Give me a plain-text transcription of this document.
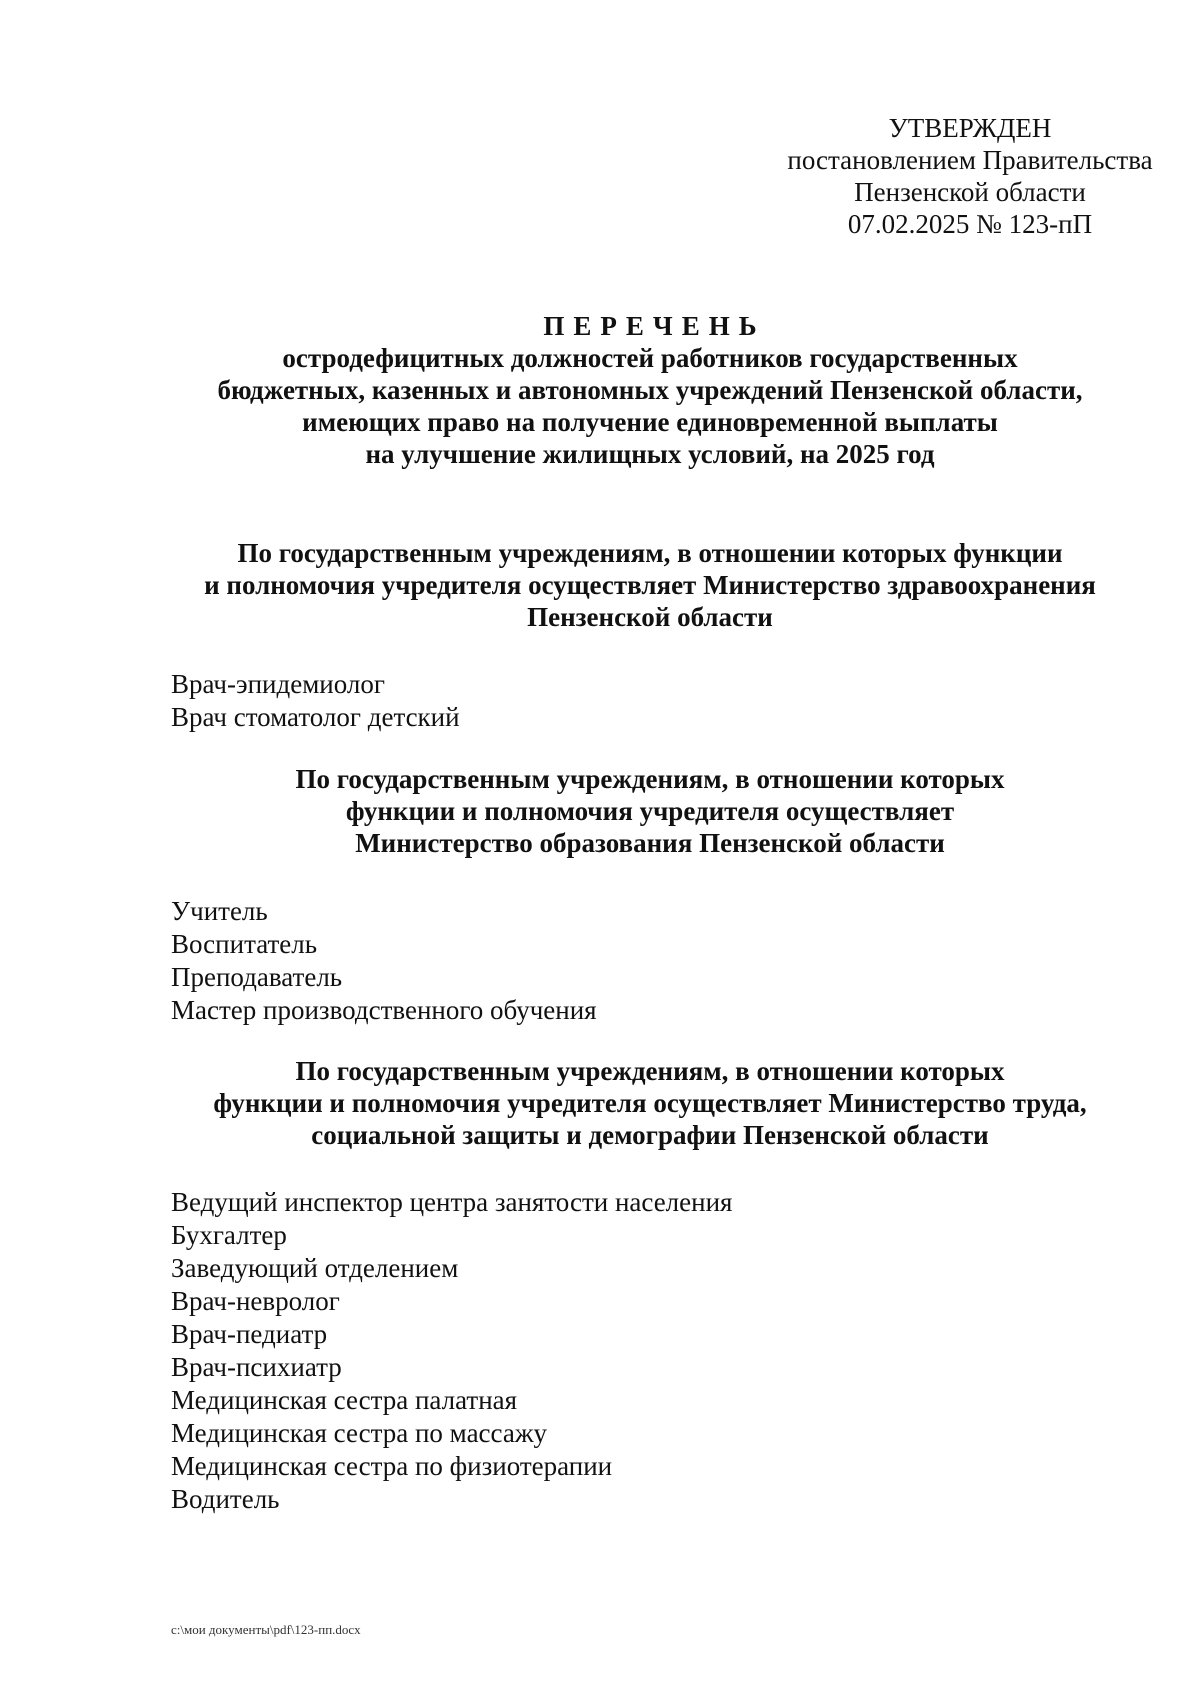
УТВЕРЖДЕН
постановлением Правительства
Пензенской области
07.02.2025 № 123-пП
ПЕРЕЧЕНЬ
остродефицитных должностей работников государственных
бюджетных, казенных и автономных учреждений Пензенской области,
имеющих право на получение единовременной выплаты
на улучшение жилищных условий, на 2025 год
По государственным учреждениям, в отношении которых функции
и полномочия учредителя осуществляет Министерство здравоохранения
Пензенской области
Врач-эпидемиолог
Врач стоматолог детский
По государственным учреждениям, в отношении которых
функции и полномочия учредителя осуществляет
Министерство образования Пензенской области
Учитель
Воспитатель
Преподаватель
Мастер производственного обучения
По государственным учреждениям, в отношении которых
функции и полномочия учредителя осуществляет Министерство труда,
социальной защиты и демографии Пензенской области
Ведущий инспектор центра занятости населения
Бухгалтер
Заведующий отделением
Врач-невролог
Врач-педиатр
Врач-психиатр
Медицинская сестра палатная
Медицинская сестра по массажу
Медицинская сестра по физиотерапии
Водитель
c:\мои документы\pdf\123-пп.docx
